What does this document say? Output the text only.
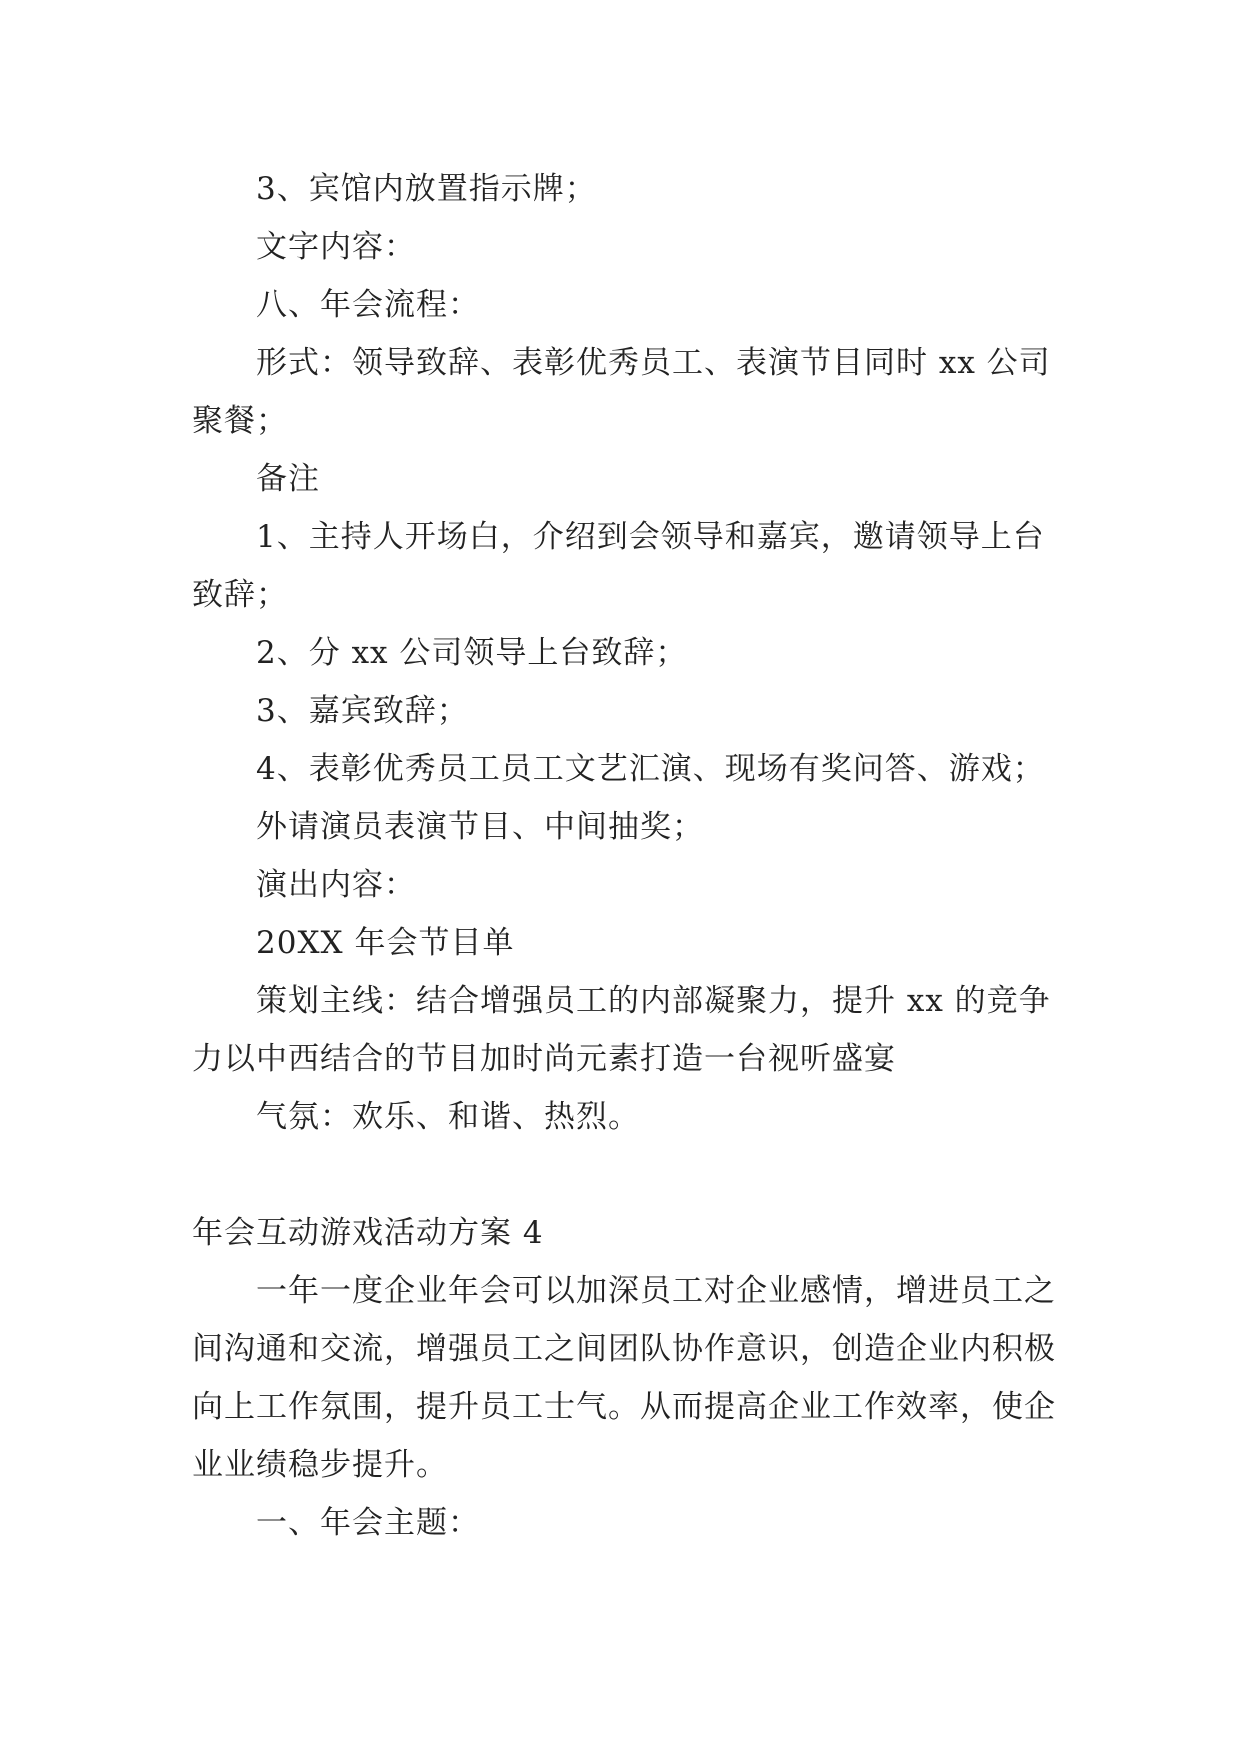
3、宾馆内放置指示牌；

文字内容：

八、年会流程：

形式：领导致辞、表彰优秀员工、表演节目同时 xx 公司聚餐；

备注

1、主持人开场白，介绍到会领导和嘉宾，邀请领导上台致辞；

2、分 xx 公司领导上台致辞；

3、嘉宾致辞；

4、表彰优秀员工员工文艺汇演、现场有奖问答、游戏；

外请演员表演节目、中间抽奖；

演出内容：

20XX 年会节目单

策划主线：结合增强员工的内部凝聚力，提升 xx 的竞争力以中西结合的节目加时尚元素打造一台视听盛宴

气氛：欢乐、和谐、热烈。

年会互动游戏活动方案 4

一年一度企业年会可以加深员工对企业感情，增进员工之间沟通和交流，增强员工之间团队协作意识，创造企业内积极向上工作氛围，提升员工士气。从而提高企业工作效率，使企业业绩稳步提升。

一、年会主题：
